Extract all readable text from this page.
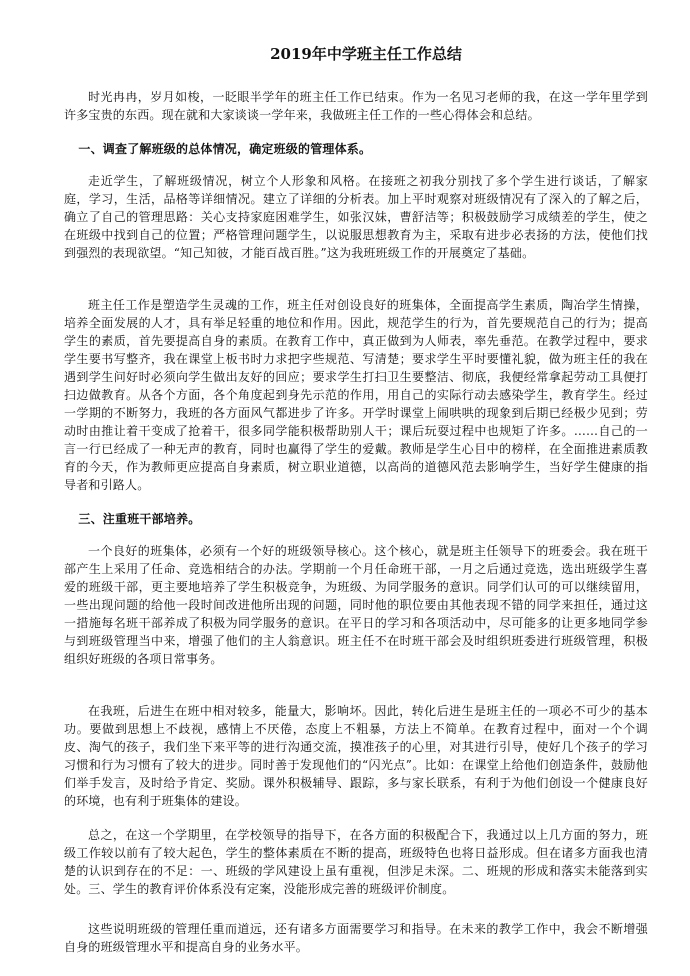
2019年中学班主任工作总结

时光冉冉，岁月如梭，一眨眼半学年的班主任工作已结束。作为一名见习老师的我，在这一学年里学到许多宝贵的东西。现在就和大家谈谈一学年来，我做班主任工作的一些心得体会和总结。

一、调查了解班级的总体情况，确定班级的管理体系。

走近学生，了解班级情况，树立个人形象和风格。在接班之初我分别找了多个学生进行谈话，了解家庭，学习，生活，品格等详细情况。建立了详细的分析表。加上平时观察对班级情况有了深入的了解之后，确立了自己的管理思路：关心支持家庭困难学生，如张汉妹，曹舒洁等；积极鼓励学习成绩差的学生，使之在班级中找到自己的位置；严格管理问题学生，以说服思想教育为主，采取有进步必表扬的方法，使他们找到强烈的表现欲望。“知己知彼，才能百战百胜。”这为我班班级工作的开展奠定了基础。

班主任工作是塑造学生灵魂的工作，班主任对创设良好的班集体，全面提高学生素质，陶冶学生情操，培养全面发展的人才，具有举足轻重的地位和作用。因此，规范学生的行为，首先要规范自己的行为；提高学生的素质，首先要提高自身的素质。在教育工作中，真正做到为人师表，率先垂范。在教学过程中，要求学生要书写整齐，我在课堂上板书时力求把字些规范、写清楚；要求学生平时要懂礼貌，做为班主任的我在遇到学生问好时必须向学生做出友好的回应；要求学生打扫卫生要整洁、彻底，我便经常拿起劳动工具便打扫边做教育。从各个方面，各个角度起到身先示范的作用，用自己的实际行动去感染学生，教育学生。经过一学期的不断努力，我班的各方面风气都进步了许多。开学时课堂上闹哄哄的现象到后期已经极少见到；劳动时由推让着干变成了抢着干，很多同学能积极帮助别人干；课后玩耍过程中也规矩了许多。……自己的一言一行已经成了一种无声的教育，同时也赢得了学生的爱戴。教师是学生心目中的榜样，在全面推进素质教育的今天，作为教师更应提高自身素质，树立职业道德，以高尚的道德风范去影响学生，当好学生健康的指导者和引路人。

三、注重班干部培养。

一个良好的班集体，必须有一个好的班级领导核心。这个核心，就是班主任领导下的班委会。我在班干部产生上采用了任命、竞选相结合的办法。学期前一个月任命班干部，一月之后通过竞选，选出班级学生喜爱的班级干部，更主要地培养了学生积极竞争，为班级、为同学服务的意识。同学们认可的可以继续留用，一些出现问题的给他一段时间改进他所出现的问题，同时他的职位要由其他表现不错的同学来担任，通过这一措施每名班干部养成了积极为同学服务的意识。在平日的学习和各项活动中，尽可能多的让更多地同学参与到班级管理当中来，增强了他们的主人翁意识。班主任不在时班干部会及时组织班委进行班级管理，积极组织好班级的各项日常事务。

在我班，后进生在班中相对较多，能量大，影响坏。因此，转化后进生是班主任的一项必不可少的基本功。要做到思想上不歧视，感情上不厌倦，态度上不粗暴，方法上不简单。在教育过程中，面对一个个调皮、淘气的孩子，我们坐下来平等的进行沟通交流，摸准孩子的心里，对其进行引导，使好几个孩子的学习习惯和行为习惯有了较大的进步。同时善于发现他们的“闪光点”。比如：在课堂上给他们创造条件，鼓励他们举手发言，及时给予肯定、奖励。课外积极辅导、跟踪，多与家长联系，有利于为他们创设一个健康良好的环境，也有利于班集体的建设。

总之，在这一个学期里，在学校领导的指导下，在各方面的积极配合下，我通过以上几方面的努力，班级工作较以前有了较大起色，学生的整体素质在不断的提高，班级特色也将日益形成。但在诸多方面我也清楚的认识到存在的不足：一、班级的学风建设上虽有重视，但涉足未深。二、班规的形成和落实未能落到实处。三、学生的教育评价体系没有定案，没能形成完善的班级评价制度。

这些说明班级的管理任重而道远，还有诸多方面需要学习和指导。在未来的教学工作中，我会不断增强自身的班级管理水平和提高自身的业务水平。
